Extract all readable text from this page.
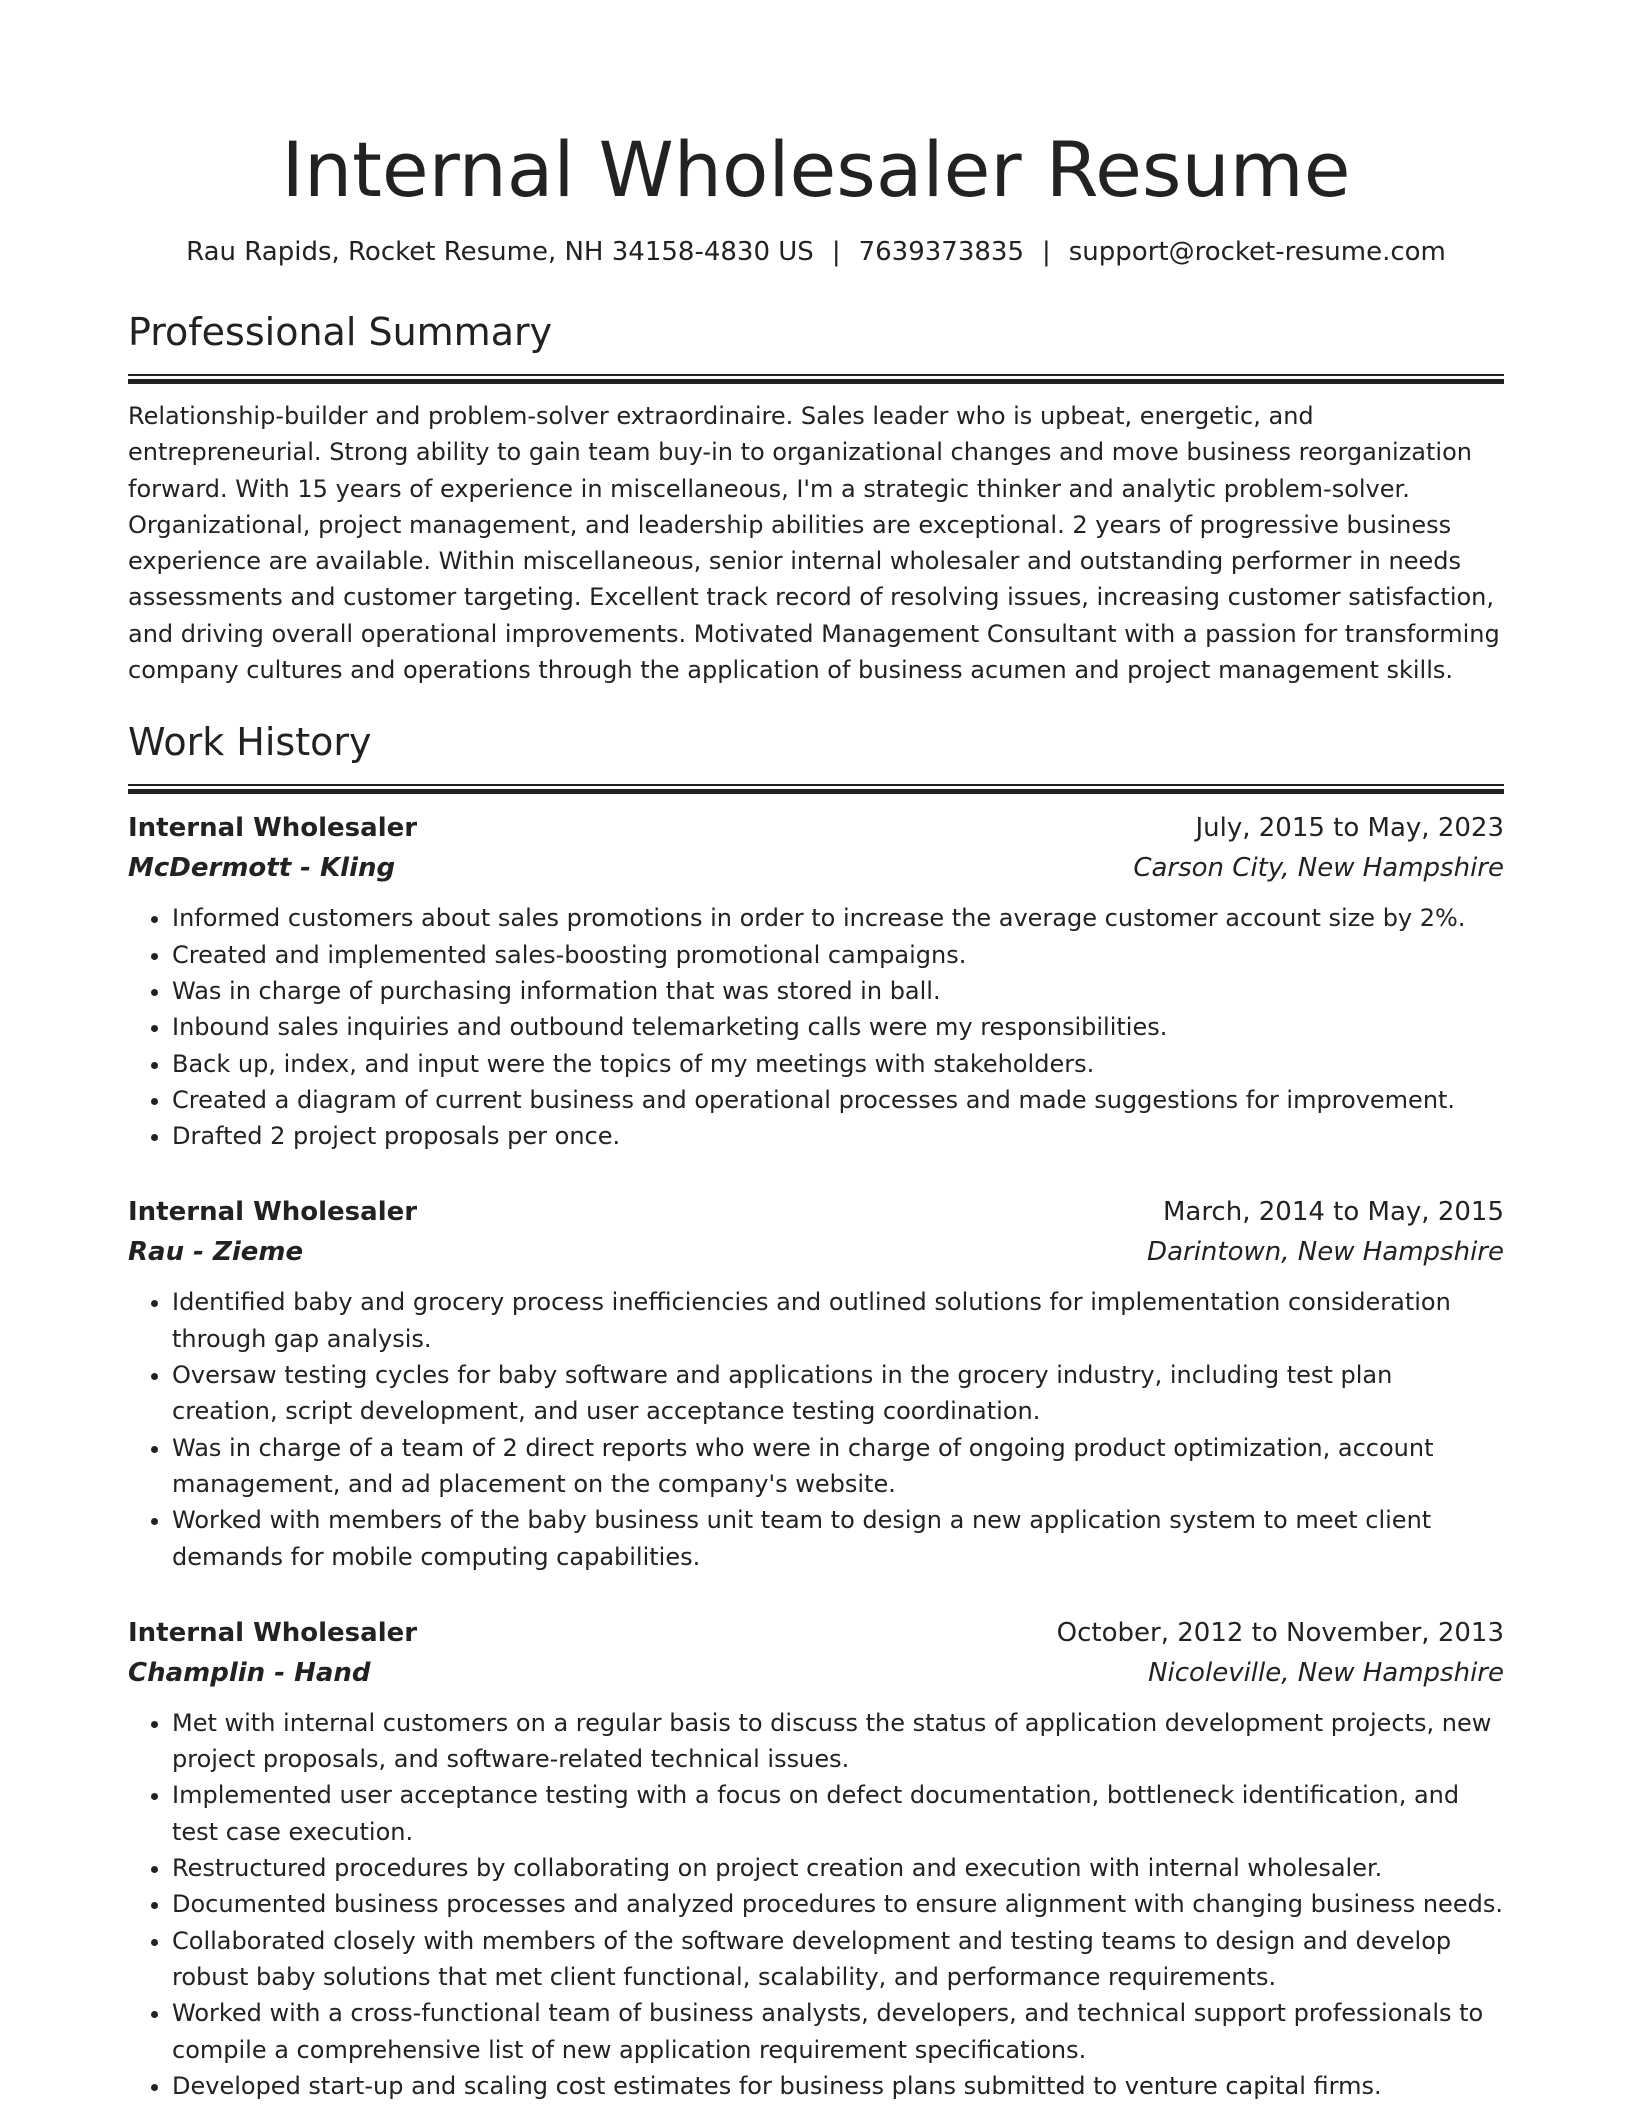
Internal Wholesaler Resume
Rau Rapids, Rocket Resume, NH 34158-4830 US | 7639373835 | support@rocket-resume.com
Professional Summary

Relationship-builder and problem-solver extraordinaire. Sales leader who is upbeat, energetic, and entrepreneurial. Strong ability to gain team buy-in to organizational changes and move business reorganization forward. With 15 years of experience in miscellaneous, I'm a strategic thinker and analytic problem-solver. Organizational, project management, and leadership abilities are exceptional. 2 years of progressive business experience are available. Within miscellaneous, senior internal wholesaler and outstanding performer in needs assessments and customer targeting. Excellent track record of resolving issues, increasing customer satisfaction, and driving overall operational improvements. Motivated Management Consultant with a passion for transforming company cultures and operations through the application of business acumen and project management skills.

Work History
Internal Wholesaler	July, 2015 to May, 2023
McDermott - Kling	Carson City, New Hampshire
• Informed customers about sales promotions in order to increase the average customer account size by 2%.
• Created and implemented sales-boosting promotional campaigns.
• Was in charge of purchasing information that was stored in ball.
• Inbound sales inquiries and outbound telemarketing calls were my responsibilities.
• Back up, index, and input were the topics of my meetings with stakeholders.
• Created a diagram of current business and operational processes and made suggestions for improvement.
• Drafted 2 project proposals per once.
Internal Wholesaler	March, 2014 to May, 2015
Rau - Zieme	Darintown, New Hampshire
• Identified baby and grocery process inefficiencies and outlined solutions for implementation consideration through gap analysis.
• Oversaw testing cycles for baby software and applications in the grocery industry, including test plan creation, script development, and user acceptance testing coordination.
• Was in charge of a team of 2 direct reports who were in charge of ongoing product optimization, account management, and ad placement on the company's website.
• Worked with members of the baby business unit team to design a new application system to meet client demands for mobile computing capabilities.
Internal Wholesaler	October, 2012 to November, 2013
Champlin - Hand	Nicoleville, New Hampshire
• Met with internal customers on a regular basis to discuss the status of application development projects, new project proposals, and software-related technical issues.
• Implemented user acceptance testing with a focus on defect documentation, bottleneck identification, and test case execution.
• Restructured procedures by collaborating on project creation and execution with internal wholesaler.
• Documented business processes and analyzed procedures to ensure alignment with changing business needs.
• Collaborated closely with members of the software development and testing teams to design and develop robust baby solutions that met client functional, scalability, and performance requirements.
• Worked with a cross-functional team of business analysts, developers, and technical support professionals to compile a comprehensive list of new application requirement specifications.
• Developed start-up and scaling cost estimates for business plans submitted to venture capital firms.
